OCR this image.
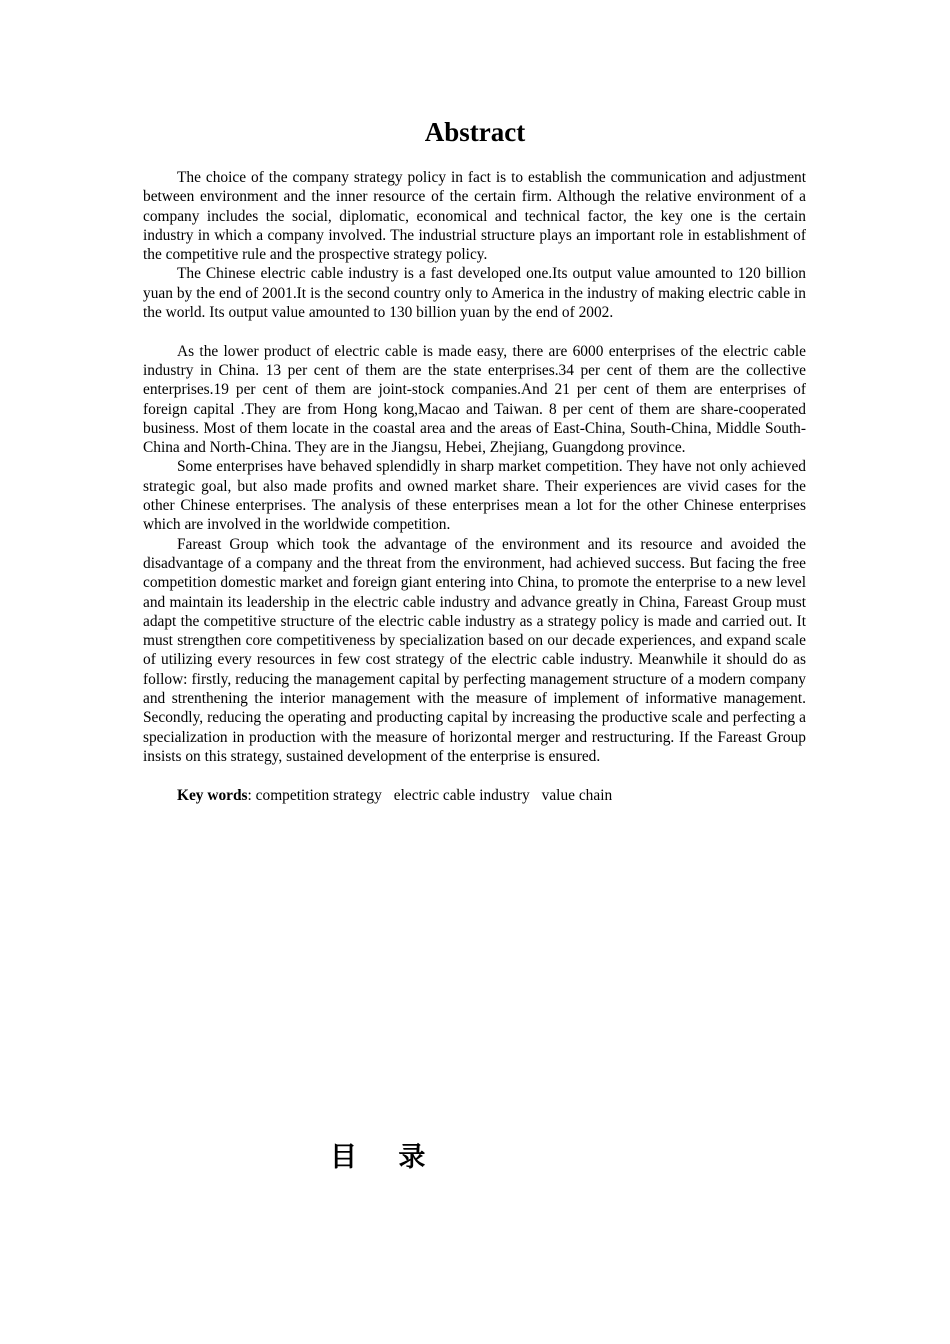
Abstract

The choice of the company strategy policy in fact is to establish the communication and adjustment between environment and the inner resource of the certain firm. Although the relative environment of a company includes the social, diplomatic, economical and technical factor, the key one is the certain industry in which a company involved. The industrial structure plays an important role in establishment of the competitive rule and the prospective strategy policy.

The Chinese electric cable industry is a fast developed one.Its output value amounted to 120 billion yuan by the end of 2001.It is the second country only to America in the industry of making electric cable in the world. Its output value amounted to 130 billion yuan by the end of 2002.

As the lower product of electric cable is made easy, there are 6000 enterprises of the electric cable industry in China. 13 per cent of them are the state enterprises.34 per cent of them are the collective enterprises.19 per cent of them are joint-stock companies.And 21 per cent of them are enterprises of foreign capital .They are from Hong kong,Macao and Taiwan. 8 per cent of them are share-cooperated business. Most of them locate in the coastal area and the areas of East-China, South-China, Middle South-China and North-China. They are in the Jiangsu, Hebei, Zhejiang, Guangdong province.

Some enterprises have behaved splendidly in sharp market competition. They have not only achieved strategic goal, but also made profits and owned market share. Their experiences are vivid cases for the other Chinese enterprises. The analysis of these enterprises mean a lot for the other Chinese enterprises which are involved in the worldwide competition.

Fareast Group which took the advantage of the environment and its resource and avoided the disadvantage of a company and the threat from the environment, had achieved success. But facing the free competition domestic market and foreign giant entering into China, to promote the enterprise to a new level and maintain its leadership in the electric cable industry and advance greatly in China, Fareast Group must adapt the competitive structure of the electric cable industry as a strategy policy is made and carried out. It must strengthen core competitiveness by specialization based on our decade experiences, and expand scale of utilizing every resources in few cost strategy of the electric cable industry. Meanwhile it should do as follow: firstly, reducing the management capital by perfecting management structure of a modern company and strenthening the interior management with the measure of implement of informative management. Secondly, reducing the operating and producting capital by increasing the productive scale and perfecting a specialization in production with the measure of horizontal merger and restructuring. If the Fareast Group insists on this strategy, sustained development of the enterprise is ensured.

Key words: competition strategy electric cable industry value chain

目 录
